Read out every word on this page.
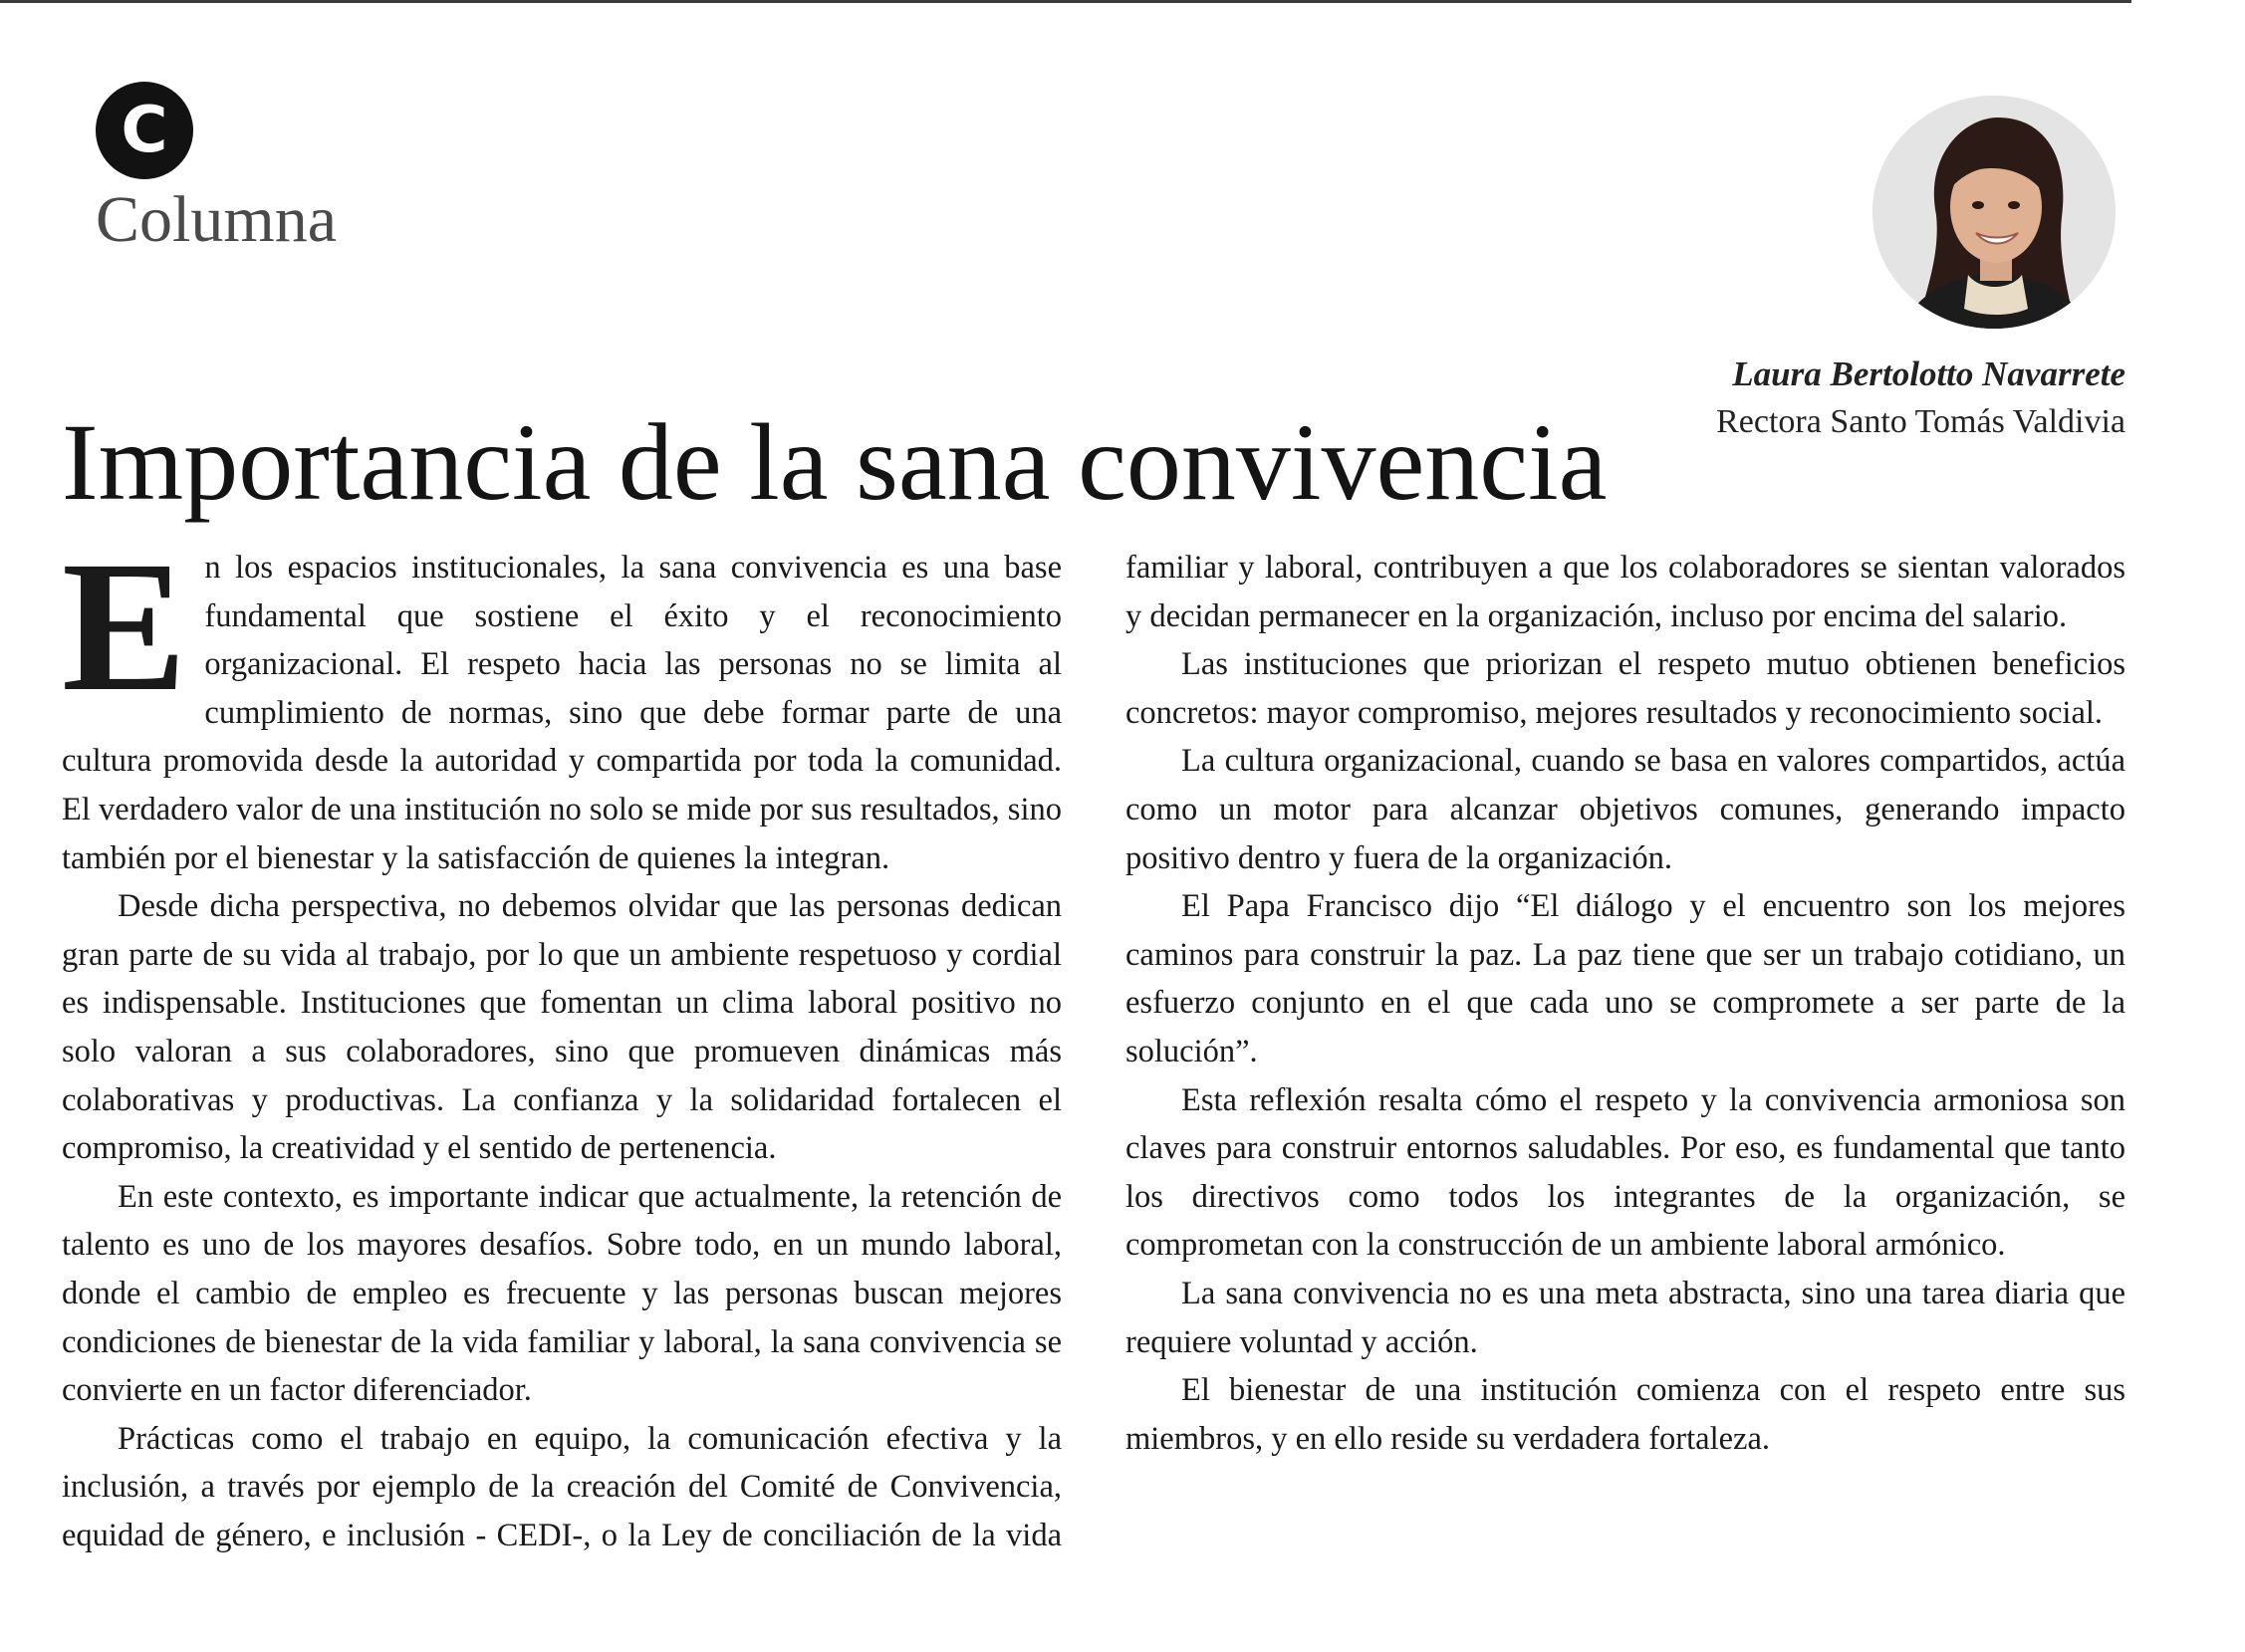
C
Columna
Laura Bertolotto Navarrete
Rectora Santo Tomás Valdivia
Importancia de la sana convivencia

En los espacios institucionales, la sana convivencia es una base fundamental que sostiene el éxito y el reconocimiento organizacional. El respeto hacia las personas no se limita al cumplimiento de normas, sino que debe formar parte de una cultura promovida desde la autoridad y compartida por toda la comunidad. El verdadero valor de una institución no solo se mide por sus resultados, sino también por el bienestar y la satisfacción de quienes la integran.

Desde dicha perspectiva, no debemos olvidar que las personas dedican gran parte de su vida al trabajo, por lo que un ambiente respetuoso y cordial es indispensable. Instituciones que fomentan un clima laboral positivo no solo valoran a sus colaboradores, sino que promueven dinámicas más colaborativas y productivas. La confianza y la solidaridad fortalecen el compromiso, la creatividad y el sentido de pertenencia.

En este contexto, es importante indicar que actualmente, la retención de talento es uno de los mayores desafíos. Sobre todo, en un mundo laboral, donde el cambio de empleo es frecuente y las personas buscan mejores condiciones de bienestar de la vida familiar y laboral, la sana convivencia se convierte en un factor diferenciador.

Prácticas como el trabajo en equipo, la comunicación efectiva y la inclusión, a través por ejemplo de la creación del Comité de Convivencia, equidad de género, e inclusión - CEDI-, o la Ley de conciliación de la vida familiar y laboral, contribuyen a que los colaboradores se sientan valorados y decidan permanecer en la organización, incluso por encima del salario.

Las instituciones que priorizan el respeto mutuo obtienen beneficios concretos: mayor compromiso, mejores resultados y reconocimiento social.

La cultura organizacional, cuando se basa en valores compartidos, actúa como un motor para alcanzar objetivos comunes, generando impacto positivo dentro y fuera de la organización.

El Papa Francisco dijo “El diálogo y el encuentro son los mejores caminos para construir la paz. La paz tiene que ser un trabajo cotidiano, un esfuerzo conjunto en el que cada uno se compromete a ser parte de la solución”.

Esta reflexión resalta cómo el respeto y la convivencia armoniosa son claves para construir entornos saludables. Por eso, es fundamental que tanto los directivos como todos los integrantes de la organización, se comprometan con la construcción de un ambiente laboral armónico.

La sana convivencia no es una meta abstracta, sino una tarea diaria que requiere voluntad y acción.

El bienestar de una institución comienza con el respeto entre sus miembros, y en ello reside su verdadera fortaleza.
